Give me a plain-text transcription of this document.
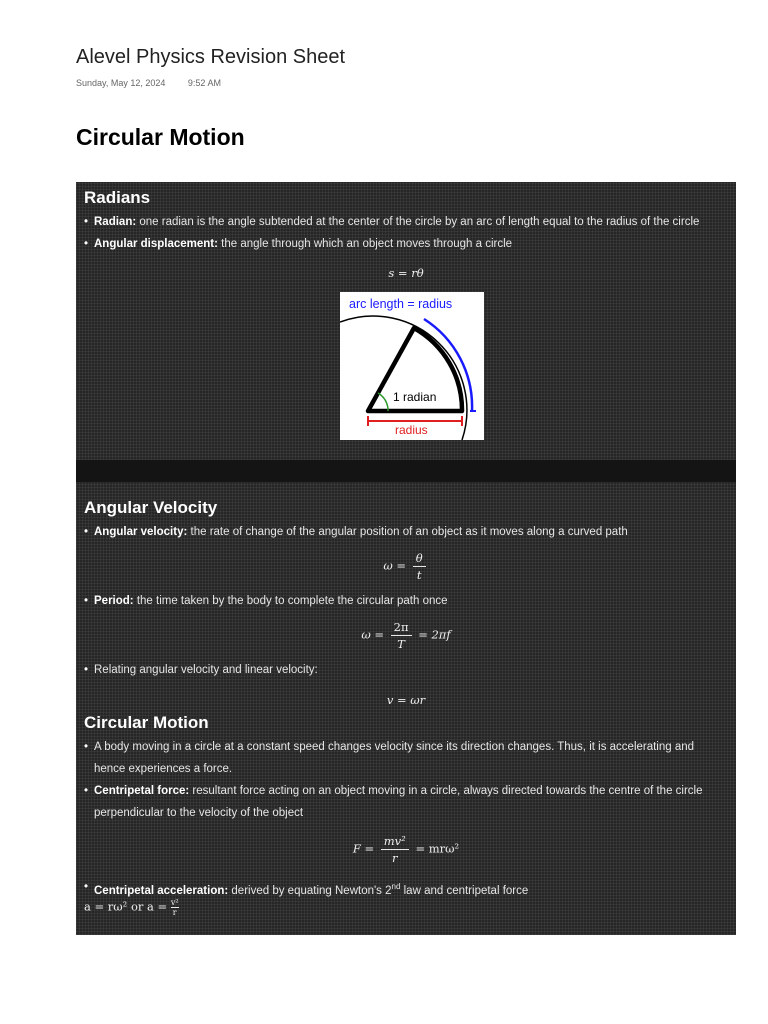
Alevel Physics Revision Sheet
Sunday, May 12, 2024	9:52 AM
Circular Motion
Radians
• Radian: one radian is the angle subtended at the center of the circle by an arc of length equal to the radius of the circle
• Angular displacement: the angle through which an object moves through a circle
s = rθ
arc length = radius
1 radian
radius
Angular Velocity
• Angular velocity: the rate of change of the angular position of an object as it moves along a curved path
$\omega = \frac{\theta}{t}$
• Period: the time taken by the body to complete the circular path once
$\omega = \frac{2\pi}{T} = 2\pi f$
• Relating angular velocity and linear velocity:
v = ωr
Circular Motion
• A body moving in a circle at a constant speed changes velocity since its direction changes. Thus, it is accelerating and hence experiences a force.
• Centripetal force: resultant force acting on an object moving in a circle, always directed towards the centre of the circle perpendicular to the velocity of the object
$F = \frac{\text{mv²}}{r} = mr\omega^2$
• Centripetal acceleration: derived by equating Newton's 2nd law and centripetal force
a = rω² or $a = \frac{\text{v²}}{r}$
